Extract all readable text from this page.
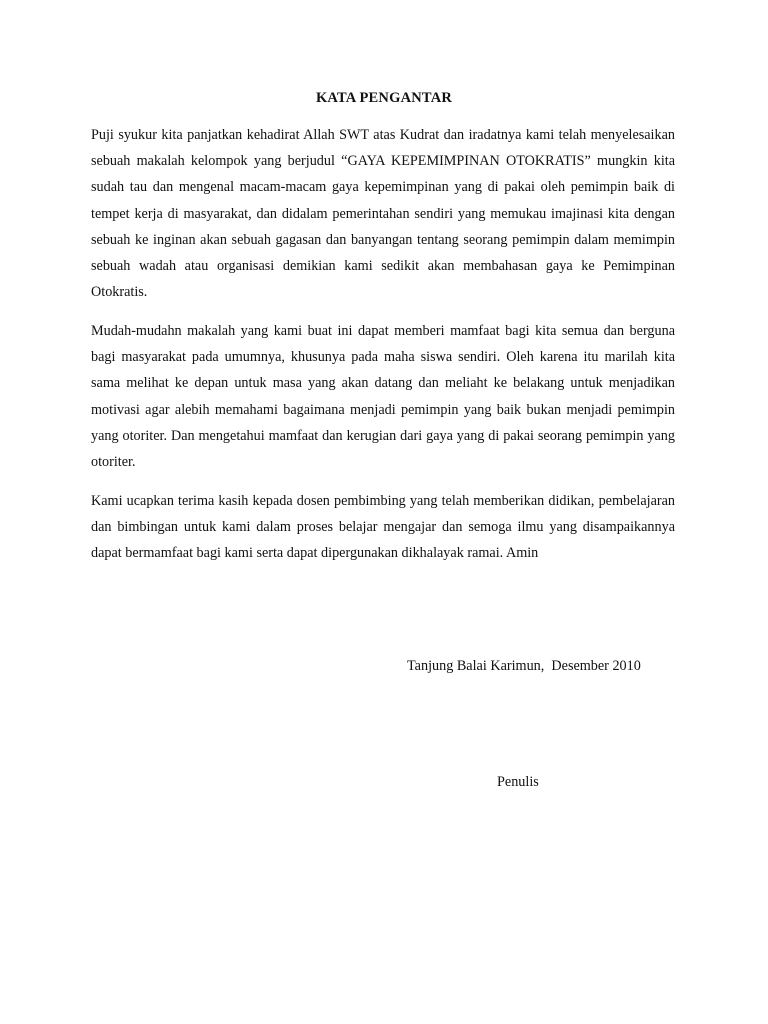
KATA PENGANTAR

Puji syukur kita panjatkan kehadirat Allah SWT atas Kudrat dan iradatnya kami telah menyelesaikan sebuah makalah kelompok yang berjudul “GAYA KEPEMIMPINAN OTOKRATIS” mungkin kita sudah tau dan mengenal macam-macam gaya kepemimpinan yang di pakai oleh pemimpin baik di tempet kerja di masyarakat, dan didalam pemerintahan sendiri yang memukau imajinasi kita dengan sebuah ke inginan akan sebuah gagasan dan banyangan tentang seorang pemimpin dalam memimpin sebuah wadah atau organisasi demikian kami sedikit akan membahasan gaya ke Pemimpinan Otokratis.

Mudah-mudahn makalah yang kami buat ini dapat memberi mamfaat bagi kita semua dan berguna bagi masyarakat pada umumnya, khusunya pada maha siswa sendiri. Oleh karena itu marilah kita sama melihat ke depan untuk masa yang akan datang dan meliaht ke belakang untuk menjadikan motivasi agar alebih memahami bagaimana menjadi pemimpin yang baik bukan menjadi pemimpin yang otoriter. Dan mengetahui mamfaat dan kerugian dari gaya yang di pakai seorang pemimpin yang otoriter.

Kami ucapkan terima kasih kepada dosen pembimbing yang telah memberikan didikan, pembelajaran dan bimbingan untuk kami dalam proses belajar mengajar dan semoga ilmu yang disampaikannya dapat bermamfaat bagi kami serta dapat dipergunakan dikhalayak ramai. Amin

Tanjung Balai Karimun,  Desember 2010
Penulis
